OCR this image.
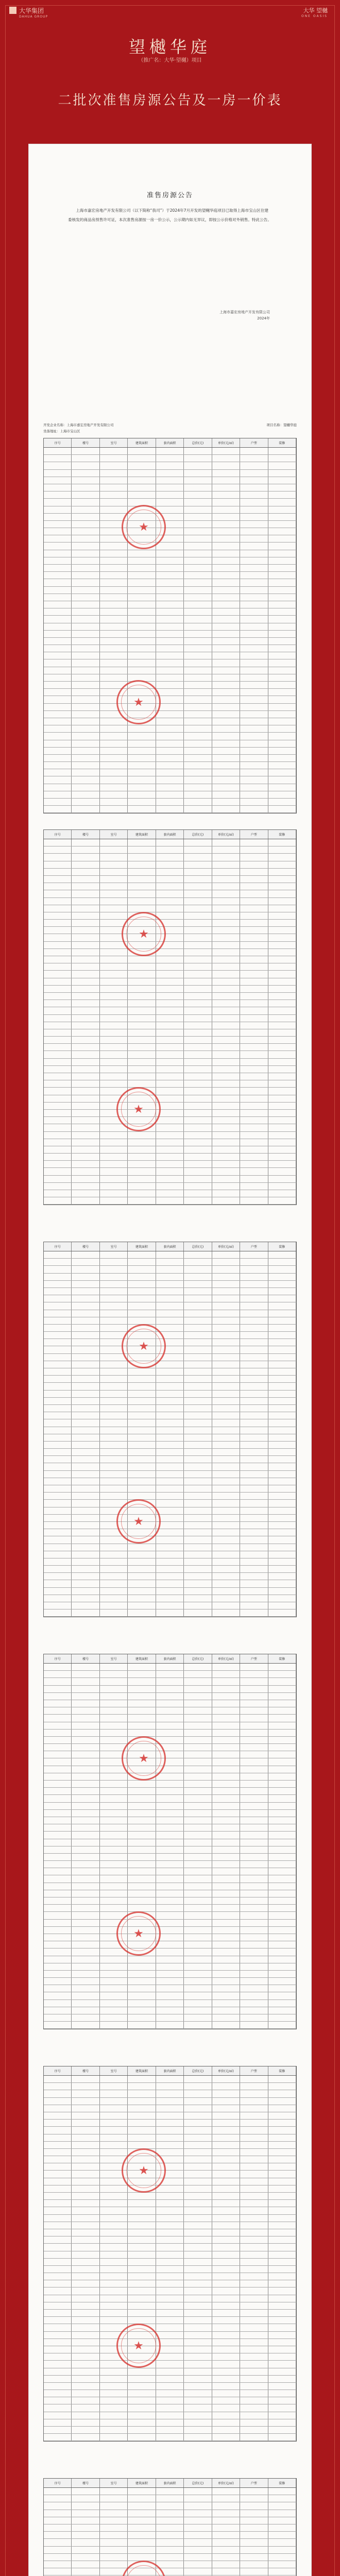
大华集团
DAHUA GROUP
大华 望樾
ONE OASIS
望樾华庭
（推广名：大华·望樾）项目
二批次准售房源公告及一房一价表
准售房源公告
上海市嘉宏房地产开发有限公司（以下简称“我司”）于2024年7月开发的望樾华庭项目已取得上海市宝山区住建委核发的商品房预售许可证，本次准售房源按一房一价公示，公示期内如无异议，即按公示价格对外销售。特此公告。
上海市嘉宏房地产开发有限公司
2024年
开发企业名称：上海市嘉宏房地产开发有限公司	项目名称：望樾华庭
坐落地址：上海市宝山区
序号	楼号	室号	建筑面积	套内面积	总价(元)	单价(元/㎡)	户型	装修
★
★
序号	楼号	室号	建筑面积	套内面积	总价(元)	单价(元/㎡)	户型	装修
★
★
序号	楼号	室号	建筑面积	套内面积	总价(元)	单价(元/㎡)	户型	装修
★
★
序号	楼号	室号	建筑面积	套内面积	总价(元)	单价(元/㎡)	户型	装修
★
★
序号	楼号	室号	建筑面积	套内面积	总价(元)	单价(元/㎡)	户型	装修
★
★
序号	楼号	室号	建筑面积	套内面积	总价(元)	单价(元/㎡)	户型	装修
★
